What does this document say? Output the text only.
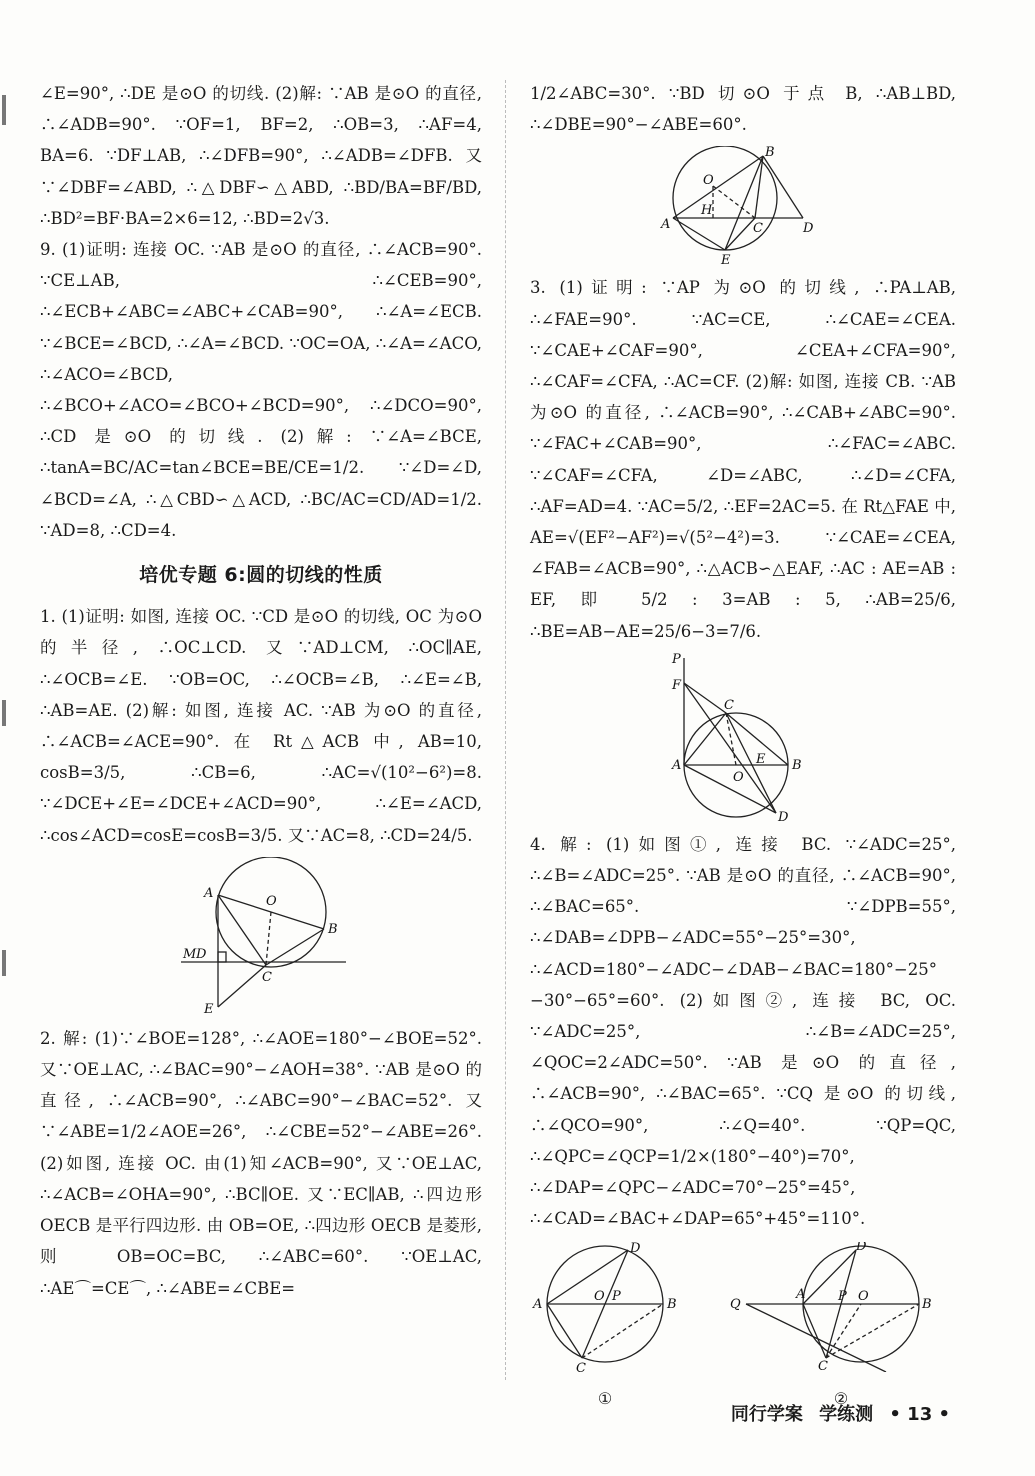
∠E=90°, ∴DE 是⊙O 的切线. (2)解: ∵AB 是⊙O 的直径, ∴∠ADB=90°. ∵OF=1, BF=2, ∴OB=3, ∴AF=4, BA=6. ∵DF⊥AB, ∴∠DFB=90°, ∴∠ADB=∠DFB. 又 ∵∠DBF=∠ABD, ∴△DBF∽△ABD, ∴BD/BA=BF/BD, ∴BD²=BF·BA=2×6=12, ∴BD=2√3.

9. (1)证明: 连接 OC. ∵AB 是⊙O 的直径, ∴∠ACB=90°. ∵CE⊥AB, ∴∠CEB=90°, ∴∠ECB+∠ABC=∠ABC+∠CAB=90°, ∴∠A=∠ECB. ∵∠BCE=∠BCD, ∴∠A=∠BCD. ∵OC=OA, ∴∠A=∠ACO, ∴∠ACO=∠BCD, ∴∠BCO+∠ACO=∠BCO+∠BCD=90°, ∴∠DCO=90°, ∴CD 是⊙O 的切线. (2)解: ∵∠A=∠BCE, ∴tanA=BC/AC=tan∠BCE=BE/CE=1/2. ∵∠D=∠D, ∠BCD=∠A, ∴△CBD∽△ACD, ∴BC/AC=CD/AD=1/2. ∵AD=8, ∴CD=4.

培优专题 6:圆的切线的性质

1. (1)证明: 如图, 连接 OC. ∵CD 是⊙O 的切线, OC 为⊙O 的半径, ∴OC⊥CD. 又∵AD⊥CM, ∴OC∥AE, ∴∠OCB=∠E. ∵OB=OC, ∴∠OCB=∠B, ∴∠E=∠B, ∴AB=AE. (2)解: 如图, 连接 AC. ∵AB 为⊙O 的直径, ∴∠ACB=∠ACE=90°. 在 Rt△ACB 中, AB=10, cosB=3/5, ∴CB=6, ∴AC=√(10²−6²)=8. ∵∠DCE+∠E=∠DCE+∠ACD=90°, ∴∠E=∠ACD, ∴cos∠ACD=cosE=cosB=3/5. 又∵AC=8, ∴CD=24/5.

A
O
B
M D
C
E

2. 解: (1)∵∠BOE=128°, ∴∠AOE=180°−∠BOE=52°. 又∵OE⊥AC, ∴∠BAC=90°−∠AOH=38°. ∵AB 是⊙O 的直径, ∴∠ACB=90°, ∴∠ABC=90°−∠BAC=52°. 又 ∵∠ABE=1/2∠AOE=26°, ∴∠CBE=52°−∠ABE=26°. (2)如图, 连接 OC. 由(1)知∠ACB=90°, 又∵OE⊥AC, ∴∠ACB=∠OHA=90°, ∴BC∥OE. 又∵EC∥AB, ∴四边形 OECB 是平行四边形. 由 OB=OE, ∴四边形 OECB 是菱形, 则 OB=OC=BC, ∴∠ABC=60°. ∵OE⊥AC, ∴AE⌒=CE⌒, ∴∠ABE=∠CBE=

1/2∠ABC=30°. ∵BD 切⊙O 于点 B, ∴AB⊥BD, ∴∠DBE=90°−∠ABE=60°.

B
O
H
A	C	D
E

3. (1)证明: ∵AP 为⊙O 的切线, ∴PA⊥AB, ∴∠FAE=90°. ∵AC=CE, ∴∠CAE=∠CEA. ∵∠CAE+∠CAF=90°, ∠CEA+∠CFA=90°, ∴∠CAF=∠CFA, ∴AC=CF. (2)解: 如图, 连接 CB. ∵AB 为⊙O 的直径, ∴∠ACB=90°, ∴∠CAB+∠ABC=90°. ∵∠FAC+∠CAB=90°, ∴∠FAC=∠ABC. ∵∠CAF=∠CFA, ∠D=∠ABC, ∴∠D=∠CFA, ∴AF=AD=4. ∵AC=5/2, ∴EF=2AC=5. 在 Rt△FAE 中, AE=√(EF²−AF²)=√(5²−4²)=3. ∵∠CAE=∠CEA, ∠FAB=∠ACB=90°, ∴△ACB∽△EAF, ∴AC : AE=AB : EF, 即 5/2 : 3=AB : 5, ∴AB=25/6, ∴BE=AB−AE=25/6−3=7/6.

P
F
C
E
A
O
B
D

4. 解: (1)如图①, 连接 BC. ∵∠ADC=25°, ∴∠B=∠ADC=25°. ∵AB 是⊙O 的直径, ∴∠ACB=90°, ∴∠BAC=65°. ∵∠DPB=55°, ∴∠DAB=∠DPB−∠ADC=55°−25°=30°, ∴∠ACD=180°−∠ADC−∠DAB−∠BAC=180°−25°−30°−65°=60°. (2)如图②, 连接 BC, OC. ∵∠ADC=25°, ∴∠B=∠ADC=25°, ∠QOC=2∠ADC=50°. ∵AB 是⊙O 的直径, ∴∠ACB=90°, ∴∠BAC=65°. ∵CQ 是⊙O 的切线, ∴∠QCO=90°, ∴∠Q=40°. ∵QP=QC, ∴∠QPC=∠QCP=1/2×(180°−40°)=70°, ∴∠DAP=∠QPC−∠ADC=70°−25°=45°, ∴∠CAD=∠BAC+∠DAP=65°+45°=110°.

D
A
O P
B
C
①
D
Q
A	P O
B
C
②
同行学案 学练测 • 13 •
